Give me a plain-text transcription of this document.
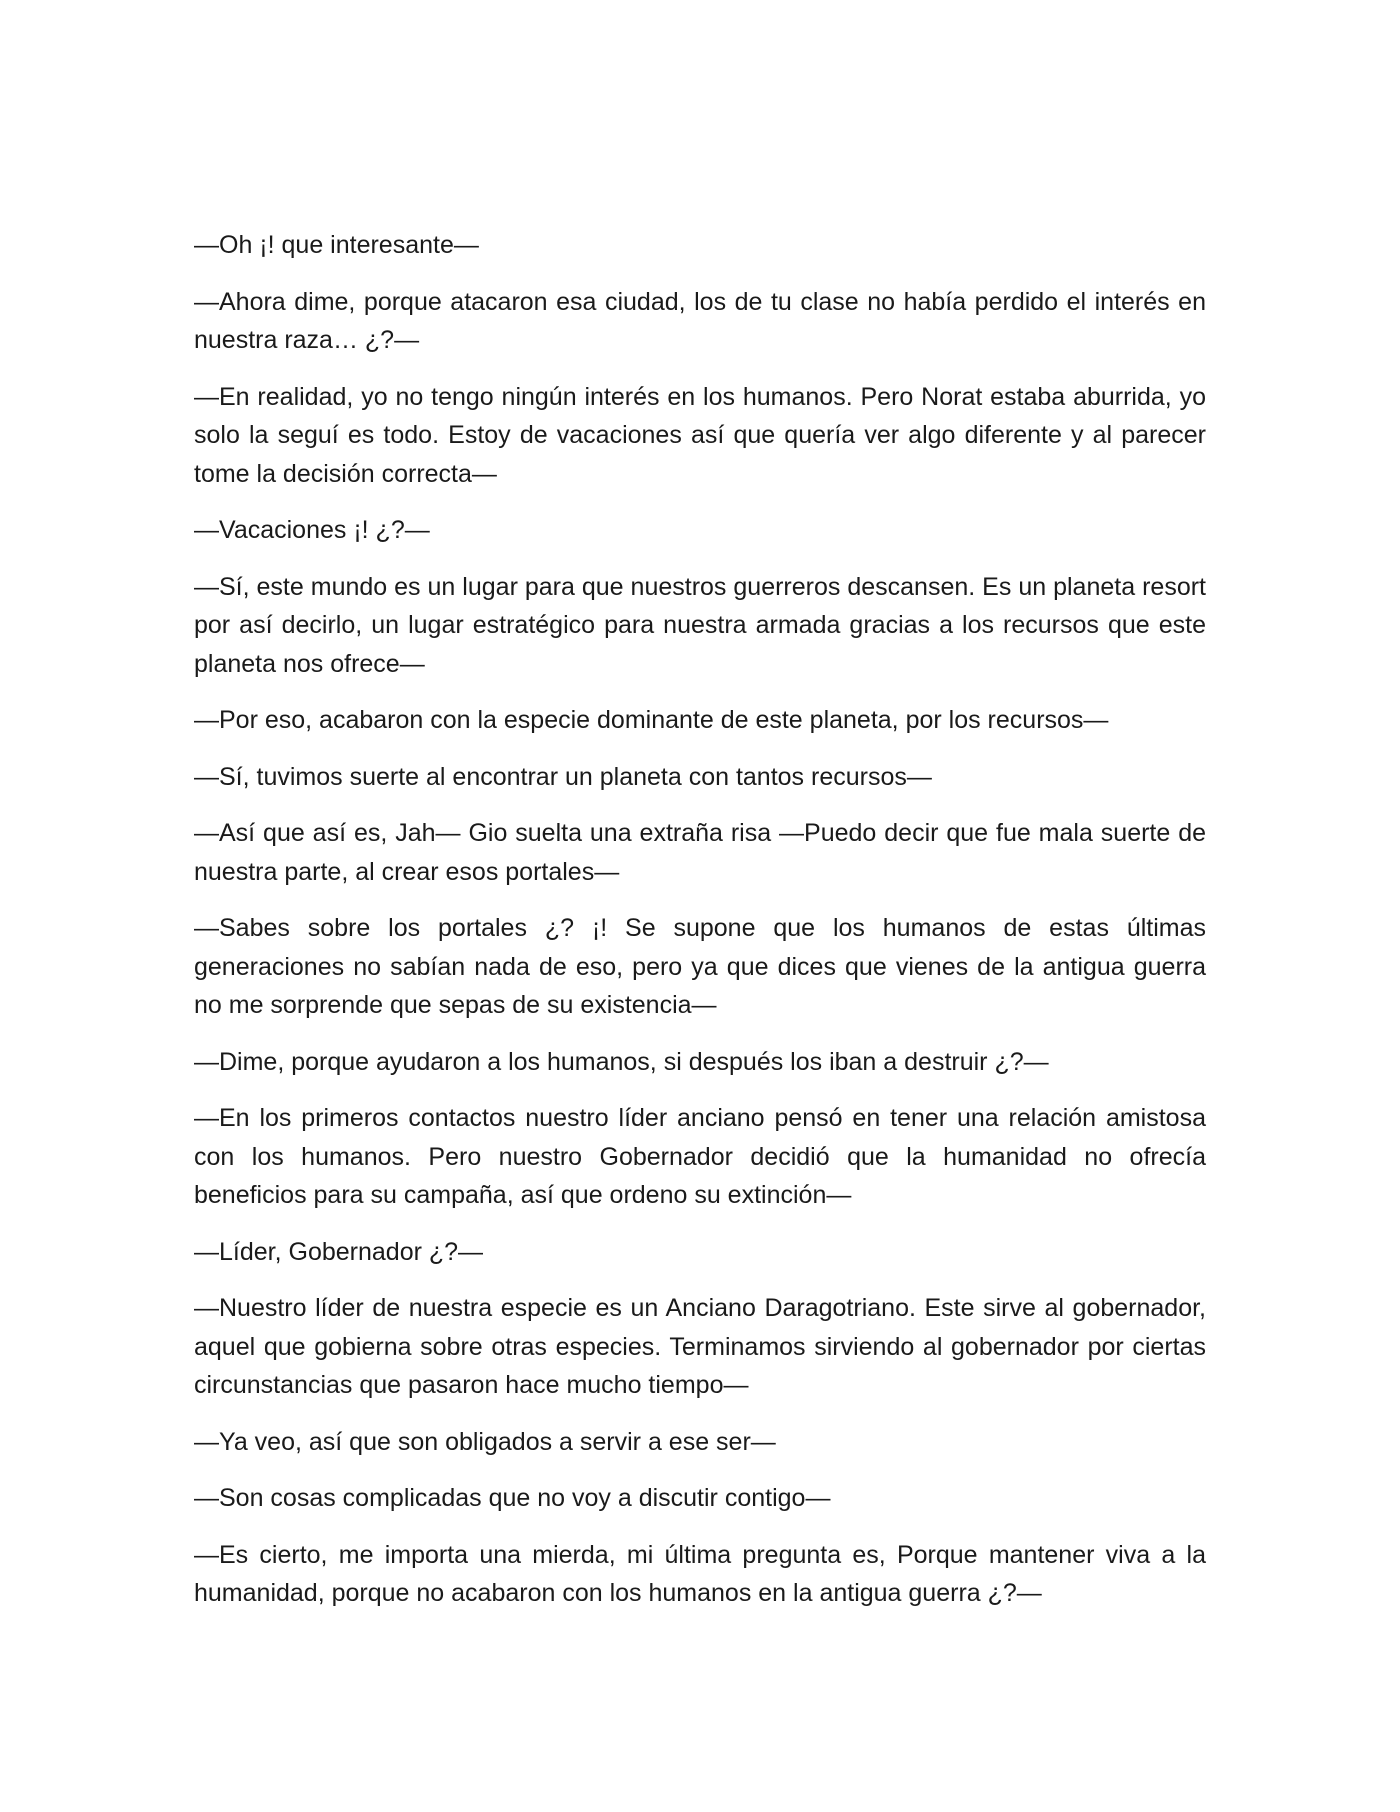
—Oh ¡! que interesante—

—Ahora dime, porque atacaron esa ciudad, los de tu clase no había perdido el interés en nuestra raza… ¿?—

—En realidad, yo no tengo ningún interés en los humanos. Pero Norat estaba aburrida, yo solo la seguí es todo. Estoy de vacaciones así que quería ver algo diferente y al parecer tome la decisión correcta—

—Vacaciones ¡! ¿?—

—Sí, este mundo es un lugar para que nuestros guerreros descansen. Es un planeta resort por así decirlo, un lugar estratégico para nuestra armada gracias a los recursos que este planeta nos ofrece—

—Por eso, acabaron con la especie dominante de este planeta, por los recursos—

—Sí, tuvimos suerte al encontrar un planeta con tantos recursos—

—Así que así es, Jah— Gio suelta una extraña risa —Puedo decir que fue mala suerte de nuestra parte, al crear esos portales—

—Sabes sobre los portales ¿? ¡! Se supone que los humanos de estas últimas generaciones no sabían nada de eso, pero ya que dices que vienes de la antigua guerra no me sorprende que sepas de su existencia—

—Dime, porque ayudaron a los humanos, si después los iban a destruir ¿?—

—En los primeros contactos nuestro líder anciano pensó en tener una relación amistosa con los humanos. Pero nuestro Gobernador decidió que la humanidad no ofrecía beneficios para su campaña, así que ordeno su extinción—

—Líder, Gobernador ¿?—

—Nuestro líder de nuestra especie es un Anciano Daragotriano. Este sirve al gobernador, aquel que gobierna sobre otras especies. Terminamos sirviendo al gobernador por ciertas circunstancias que pasaron hace mucho tiempo—

—Ya veo, así que son obligados a servir a ese ser—

—Son cosas complicadas que no voy a discutir contigo—

—Es cierto, me importa una mierda, mi última pregunta es, Porque mantener viva a la humanidad, porque no acabaron con los humanos en la antigua guerra ¿?—
